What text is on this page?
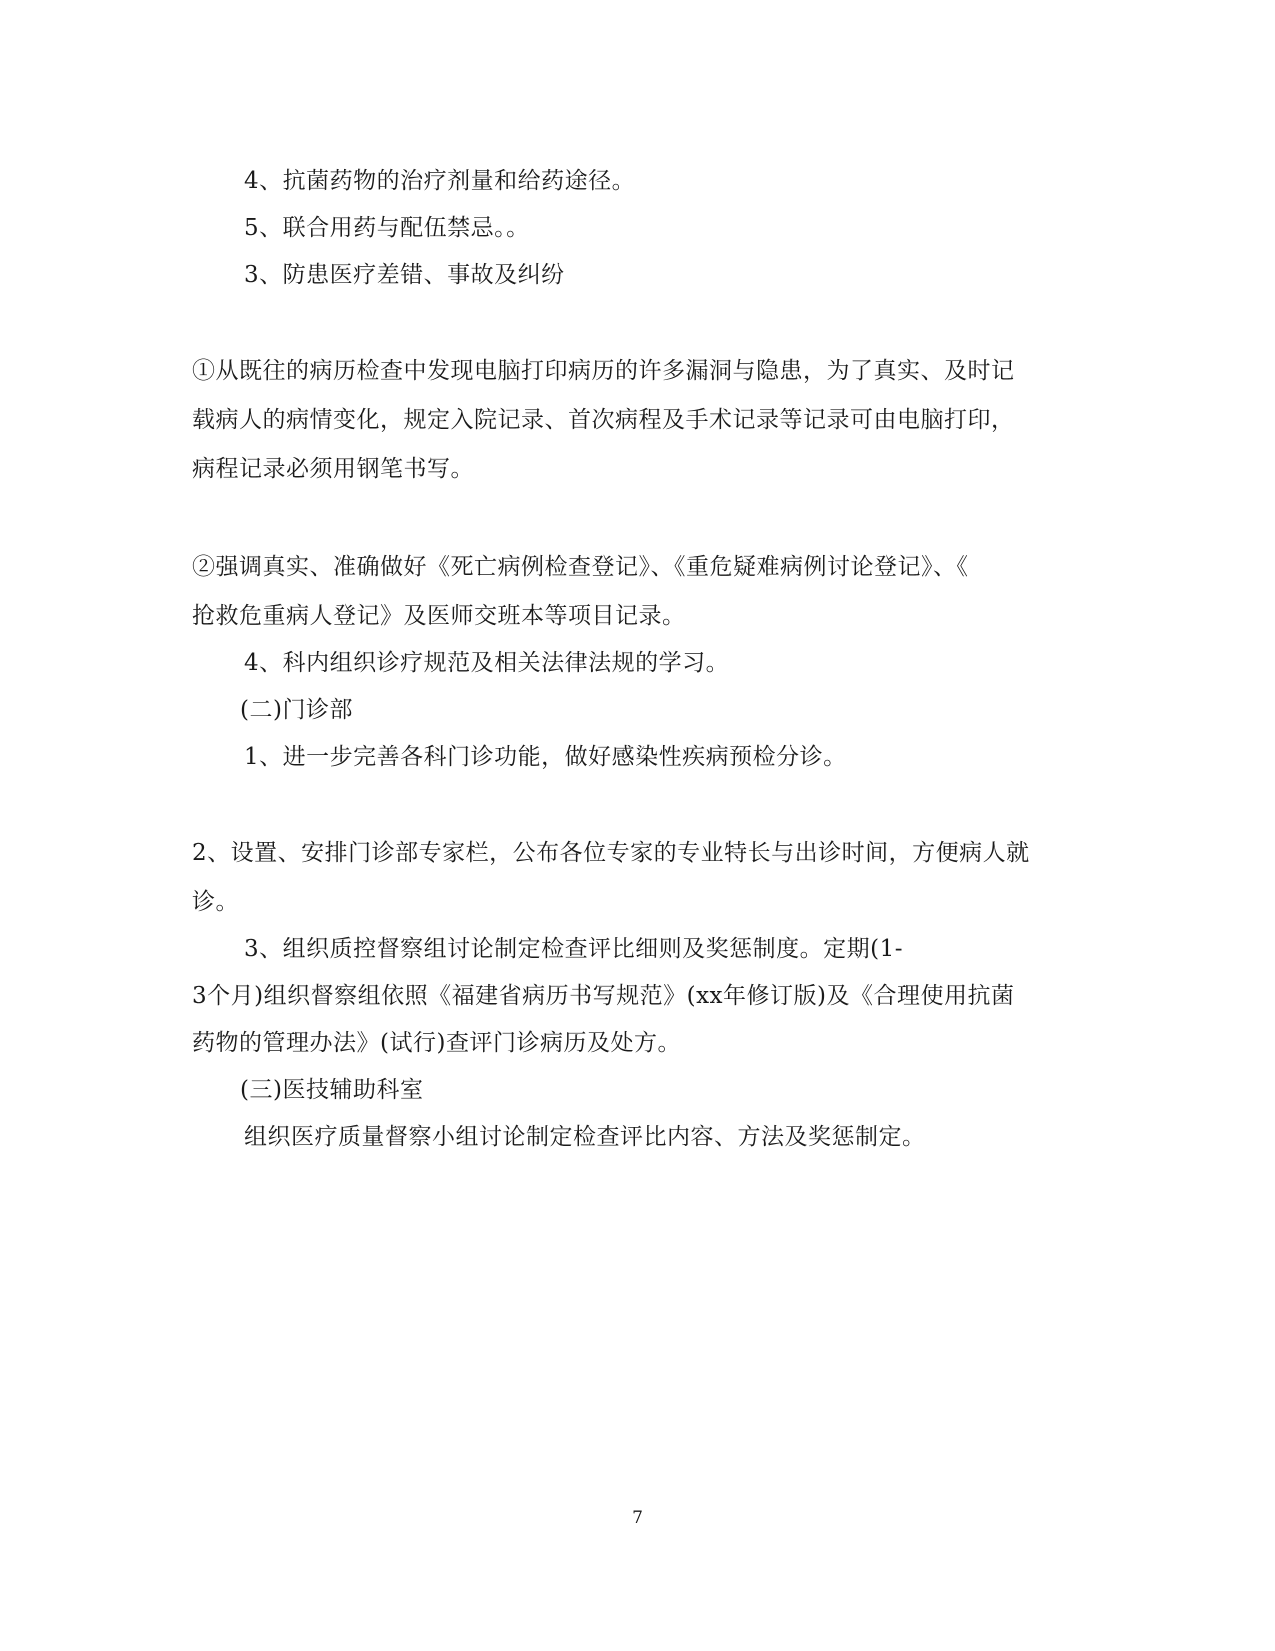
4、抗菌药物的治疗剂量和给药途径。
5、联合用药与配伍禁忌。。
3、防患医疗差错、事故及纠纷
①从既往的病历检查中发现电脑打印病历的许多漏洞与隐患，为了真实、及时记
载病人的病情变化，规定入院记录、首次病程及手术记录等记录可由电脑打印，
病程记录必须用钢笔书写。
②强调真实、准确做好《死亡病例检查登记》、《重危疑难病例讨论登记》、《
抢救危重病人登记》及医师交班本等项目记录。
4、科内组织诊疗规范及相关法律法规的学习。
(二)门诊部
1、进一步完善各科门诊功能，做好感染性疾病预检分诊。
2、设置、安排门诊部专家栏，公布各位专家的专业特长与出诊时间，方便病人就
诊。
3、组织质控督察组讨论制定检查评比细则及奖惩制度。定期(1-
3个月)组织督察组依照《福建省病历书写规范》(xx年修订版)及《合理使用抗菌
药物的管理办法》(试行)查评门诊病历及处方。
(三)医技辅助科室
组织医疗质量督察小组讨论制定检查评比内容、方法及奖惩制定。
7
